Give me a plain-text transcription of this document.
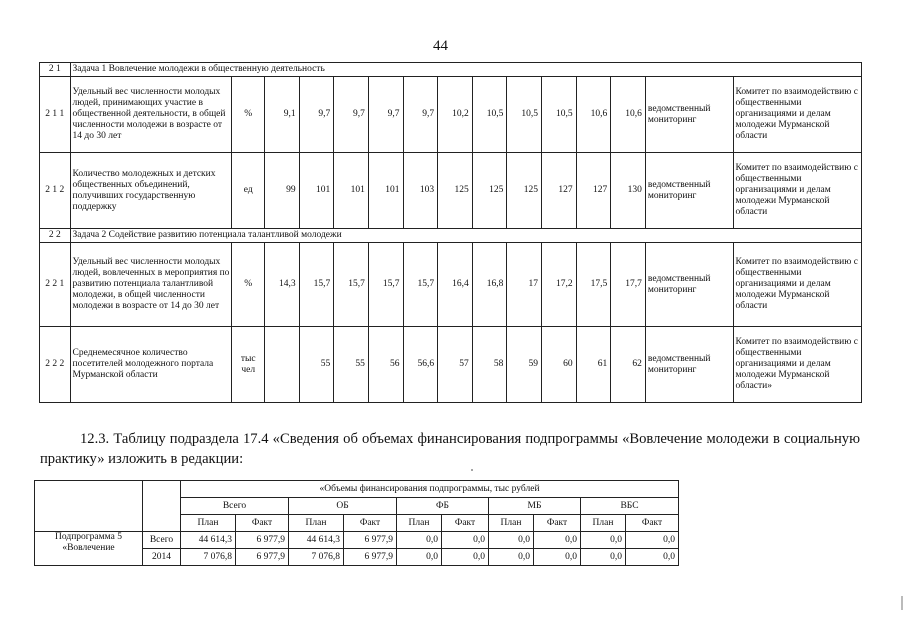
44
2 1	Задача 1 Вовлечение молодежи в общественную деятельность														
2 1 1	Удельный вес численности молодых людей, принимающих участие в общественной деятельности, в общей численности молодежи в возрасте от 14 до 30 лет	%	9,1	9,7	9,7	9,7	9,7	10,2	10,5	10,5	10,5	10,6	10,6	ведомственный мониторинг	Комитет по взаимодействию с общественными организациями и делам молодежи Мурманской области
2 1 2	Количество молодежных и детских общественных объединений, получивших государственную поддержку	ед	99	101	101	101	103	125	125	125	127	127	130	ведомственный мониторинг	Комитет по взаимодействию с общественными организациями и делам молодежи Мурманской области
2 2	Задача 2 Содействие развитию потенциала талантливой молодежи														
2 2 1	Удельный вес численности молодых людей, вовлеченных в мероприятия по развитию потенциала талантливой молодежи, в общей численности молодежи в возрасте от 14 до 30 лет	%	14,3	15,7	15,7	15,7	15,7	16,4	16,8	17	17,2	17,5	17,7	ведомственный мониторинг	Комитет по взаимодействию с общественными организациями и делам молодежи Мурманской области
2 2 2	Среднемесячное количество посетителей молодежного портала Мурманской области	тыс чел		55	55	56	56,6	57	58	59	60	61	62	ведомственный мониторинг	Комитет по взаимодействию с общественными организациями и делам молодежи Мурманской области»
12.3. Таблицу подраздела 17.4 «Сведения об объемах финансирования подпрограммы «Вовлечение молодежи в социальную практику» изложить в редакции:
		«Объемы финансирования подпрограммы, тыс рублей									
		Всего		ОБ		ФБ		МБ		ВБС	
		План	Факт	План	Факт	План	Факт	План	Факт	План	Факт

Подпрограмма 5
«Вовлечение	Всего	44 614,3	6 977,9	44 614,3	6 977,9	0,0	0,0	0,0	0,0	0,0	0,0
	2014	7 076,8	6 977,9	7 076,8	6 977,9	0,0	0,0	0,0	0,0	0,0	0,0
